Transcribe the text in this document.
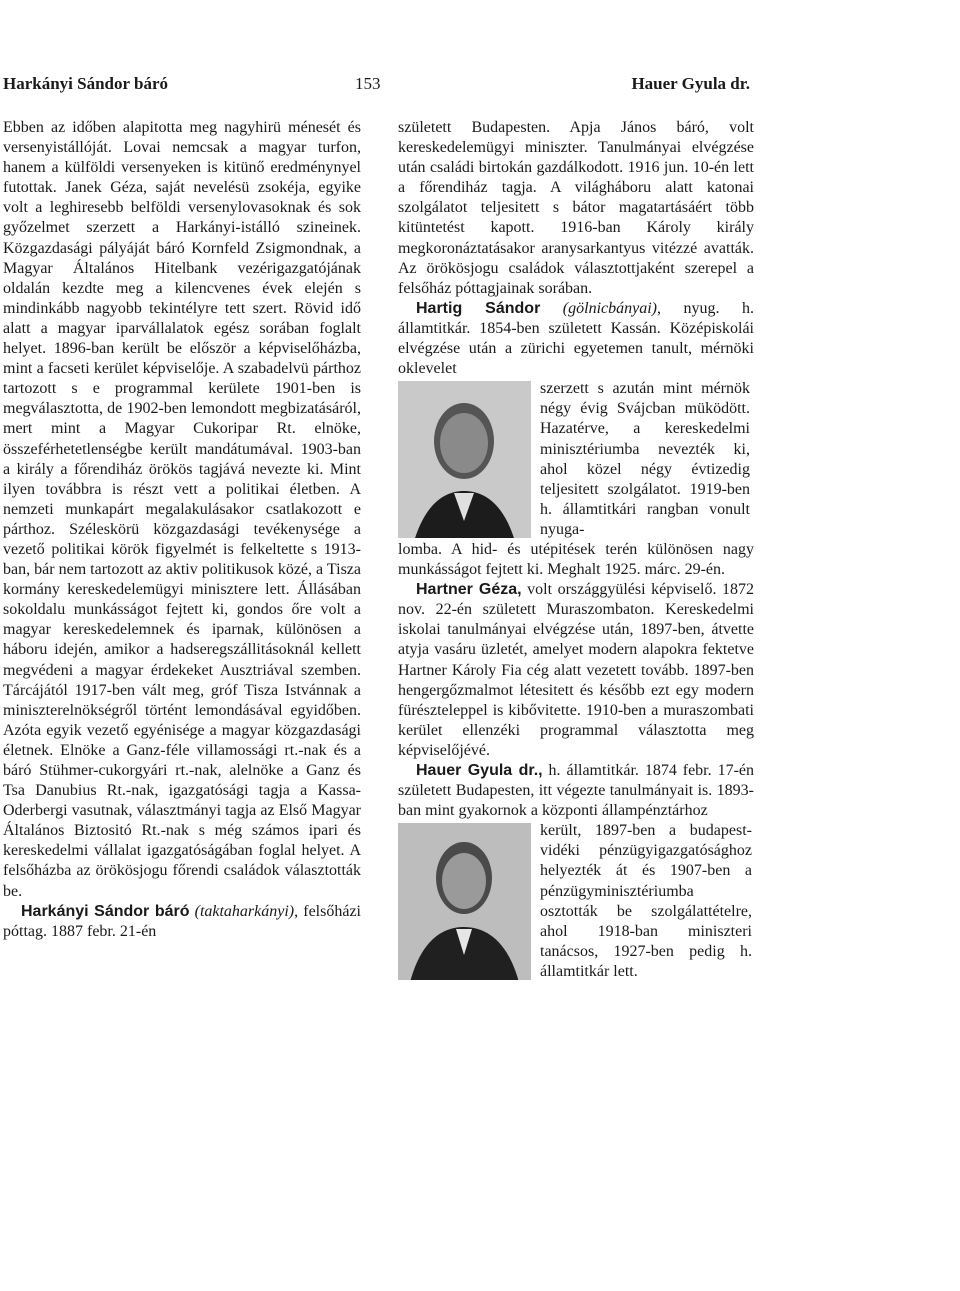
Harkányi Sándor báró	153	Hauer Gyula dr.

Ebben az időben alapitotta meg nagyhirü ménesét és versenyistállóját. Lovai nemcsak a magyar turfon, hanem a külföldi versenyeken is kitünő eredménynyel futottak. Janek Géza, saját nevelésü zsokéja, egyike volt a leghiresebb belföldi versenylovasoknak és sok győzelmet szerzett a Harkányi-istálló szineinek. Közgazdasági pályáját báró Kornfeld Zsigmondnak, a Magyar Általános Hitelbank vezérigazgatójának oldalán kezdte meg a kilencvenes évek elején s mindinkább nagyobb tekintélyre tett szert. Rövid idő alatt a magyar iparvállalatok egész sorában foglalt helyet. 1896-ban került be először a képviselőházba, mint a facseti kerület képviselője. A szabadelvü párthoz tartozott s e programmal kerülete 1901-ben is megválasztotta, de 1902-ben lemondott megbizatásáról, mert mint a Magyar Cukoripar Rt. elnöke, összeférhetetlenségbe került mandátumával. 1903-ban a király a főrendiház örökös tagjává nevezte ki. Mint ilyen továbbra is részt vett a politikai életben. A nemzeti munkapárt megalakulásakor csatlakozott e párthoz. Széleskörü közgazdasági tevékenysége a vezető politikai körök figyelmét is felkeltette s 1913-ban, bár nem tartozott az aktiv politikusok közé, a Tisza kormány kereskedelemügyi minisztere lett. Állásában sokoldalu munkásságot fejtett ki, gondos őre volt a magyar kereskedelemnek és iparnak, különösen a háboru idején, amikor a hadseregszállitásoknál kellett megvédeni a magyar érdekeket Ausztriával szemben. Tárcájától 1917-ben vált meg, gróf Tisza Istvánnak a miniszterelnökségről történt lemondásával egyidőben. Azóta egyik vezető egyénisége a magyar közgazdasági életnek. Elnöke a Ganz-féle villamossági rt.-nak és a báró Stühmer-cukorgyári rt.-nak, alelnöke a Ganz és Tsa Danubius Rt.-nak, igazgatósági tagja a Kassa-Oderbergi vasutnak, választmányi tagja az Első Magyar Általános Biztositó Rt.-nak s még számos ipari és kereskedelmi vállalat igazgatóságában foglal helyet. A felsőházba az örökösjogu főrendi családok választották be.

Harkányi Sándor báró (taktaharkányi), felsőházi póttag. 1887 febr. 21-én

született Budapesten. Apja János báró, volt kereskedelemügyi miniszter. Tanulmányai elvégzése után családi birtokán gazdálkodott. 1916 jun. 10-én lett a főrendiház tagja. A világháboru alatt katonai szolgálatot teljesitett s bátor magatartásáért több kitüntetést kapott. 1916-ban Károly király megkoronáztatásakor aranysarkantyus vitézzé avatták. Az örökösjogu családok választottjaként szerepel a felsőház póttagjainak sorában.

Hartig Sándor (gölnicbányai), nyug. h. államtitkár. 1854-ben született Kassán. Középiskolái elvégzése után a zürichi egyetemen tanult, mérnöki oklevelet

szerzett s azután mint mérnök négy évig Svájcban müködött. Hazatérve, a kereskedelmi minisztériumba nevezték ki, ahol közel négy évtizedig teljesitett szolgálatot. 1919-ben h. államtitkári rangban vonult nyuga-

lomba. A hid- és utépitések terén különösen nagy munkásságot fejtett ki. Meghalt 1925. márc. 29-én.

Hartner Géza, volt országgyülési képviselő. 1872 nov. 22-én született Muraszombaton. Kereskedelmi iskolai tanulmányai elvégzése után, 1897-ben, átvette atyja vasáru üzletét, amelyet modern alapokra fektetve Hartner Károly Fia cég alatt vezetett tovább. 1897-ben hengergőzmalmot létesitett és később ezt egy modern fürészteleppel is kibővitette. 1910-ben a muraszombati kerület ellenzéki programmal választotta meg képviselőjévé.

Hauer Gyula dr., h. államtitkár. 1874 febr. 17-én született Budapesten, itt végezte tanulmányait is. 1893-ban mint gyakornok a központi állampénztárhoz

került, 1897-ben a budapest-vidéki pénzügyigazgatósághoz helyezték át és 1907-ben a pénzügyminisztériumba osztották be szolgálattételre, ahol 1918-ban miniszteri tanácsos, 1927-ben pedig h. államtitkár lett.
